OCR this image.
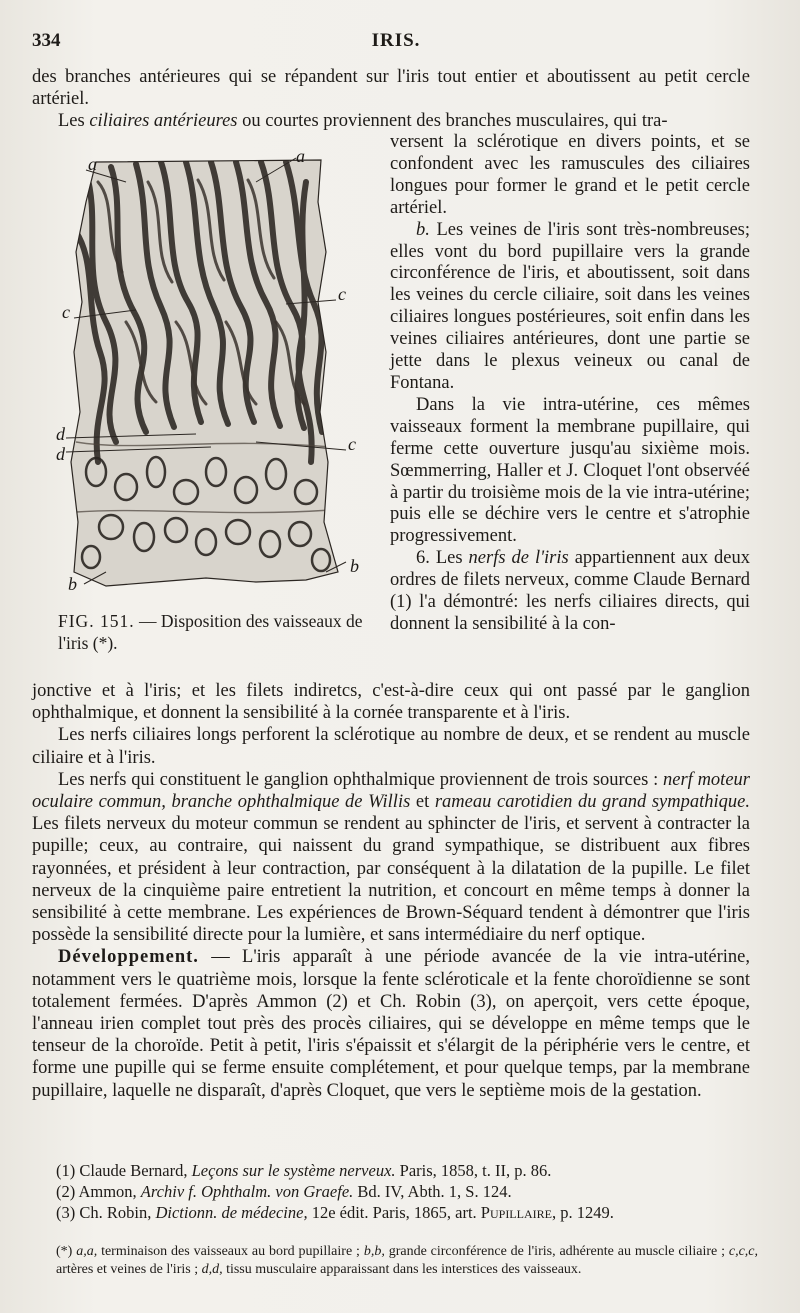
334	IRIS.

des branches antérieures qui se répandent sur l'iris tout entier et aboutissent au petit cercle artériel.

Les ciliaires antérieures ou courtes proviennent des branches musculaires, qui tra-

a	a
c
c
c
d
d
b
b
FIG. 151. — Disposition des vaisseaux de l'iris (*).

versent la sclérotique en divers points, et se confondent avec les ramuscules des ciliaires longues pour former le grand et le petit cercle artériel.

b. Les veines de l'iris sont très-nombreuses; elles vont du bord pupillaire vers la grande circonférence de l'iris, et aboutissent, soit dans les veines du cercle ciliaire, soit dans les veines ciliaires longues postérieures, soit enfin dans les veines ciliaires antérieures, dont une partie se jette dans le plexus veineux ou canal de Fontana.

Dans la vie intra-utérine, ces mêmes vaisseaux forment la membrane pupillaire, qui ferme cette ouverture jusqu'au sixième mois. Sœmmerring, Haller et J. Cloquet l'ont observéé à partir du troisième mois de la vie intra-utérine; puis elle se déchire vers le centre et s'atrophie progressivement.

6. Les nerfs de l'iris appartiennent aux deux ordres de filets nerveux, comme Claude Bernard (1) l'a démontré: les nerfs ciliaires directs, qui donnent la sensibilité à la con-

jonctive et à l'iris; et les filets indiretcs, c'est-à-dire ceux qui ont passé par le ganglion ophthalmique, et donnent la sensibilité à la cornée transparente et à l'iris.

Les nerfs ciliaires longs perforent la sclérotique au nombre de deux, et se rendent au muscle ciliaire et à l'iris.

Les nerfs qui constituent le ganglion ophthalmique proviennent de trois sources : nerf moteur oculaire commun, branche ophthalmique de Willis et rameau carotidien du grand sympathique. Les filets nerveux du moteur commun se rendent au sphincter de l'iris, et servent à contracter la pupille; ceux, au contraire, qui naissent du grand sympathique, se distribuent aux fibres rayonnées, et président à leur contraction, par conséquent à la dilatation de la pupille. Le filet nerveux de la cinquième paire entretient la nutrition, et concourt en même temps à donner la sensibilité à cette membrane. Les expériences de Brown-Séquard tendent à démontrer que l'iris possède la sensibilité directe pour la lumière, et sans intermédiaire du nerf optique.

Développement. — L'iris apparaît à une période avancée de la vie intra-utérine, notamment vers le quatrième mois, lorsque la fente scléroticale et la fente choroïdienne se sont totalement fermées. D'après Ammon (2) et Ch. Robin (3), on aperçoit, vers cette époque, l'anneau irien complet tout près des procès ciliaires, qui se développe en même temps que le tenseur de la choroïde. Petit à petit, l'iris s'épaissit et s'élargit de la périphérie vers le centre, et forme une pupille qui se ferme ensuite complétement, et pour quelque temps, par la membrane pupillaire, laquelle ne disparaît, d'après Cloquet, que vers le septième mois de la gestation.

(1) Claude Bernard, Leçons sur le système nerveux. Paris, 1858, t. II, p. 86.

(2) Ammon, Archiv f. Ophthalm. von Graefe. Bd. IV, Abth. 1, S. 124.

(3) Ch. Robin, Dictionn. de médecine, 12e édit. Paris, 1865, art. Pupillaire, p. 1249.

(*) a,a, terminaison des vaisseaux au bord pupillaire ; b,b, grande circonférence de l'iris, adhérente au muscle ciliaire ; c,c,c, artères et veines de l'iris ; d,d, tissu musculaire apparaissant dans les interstices des vaisseaux.
